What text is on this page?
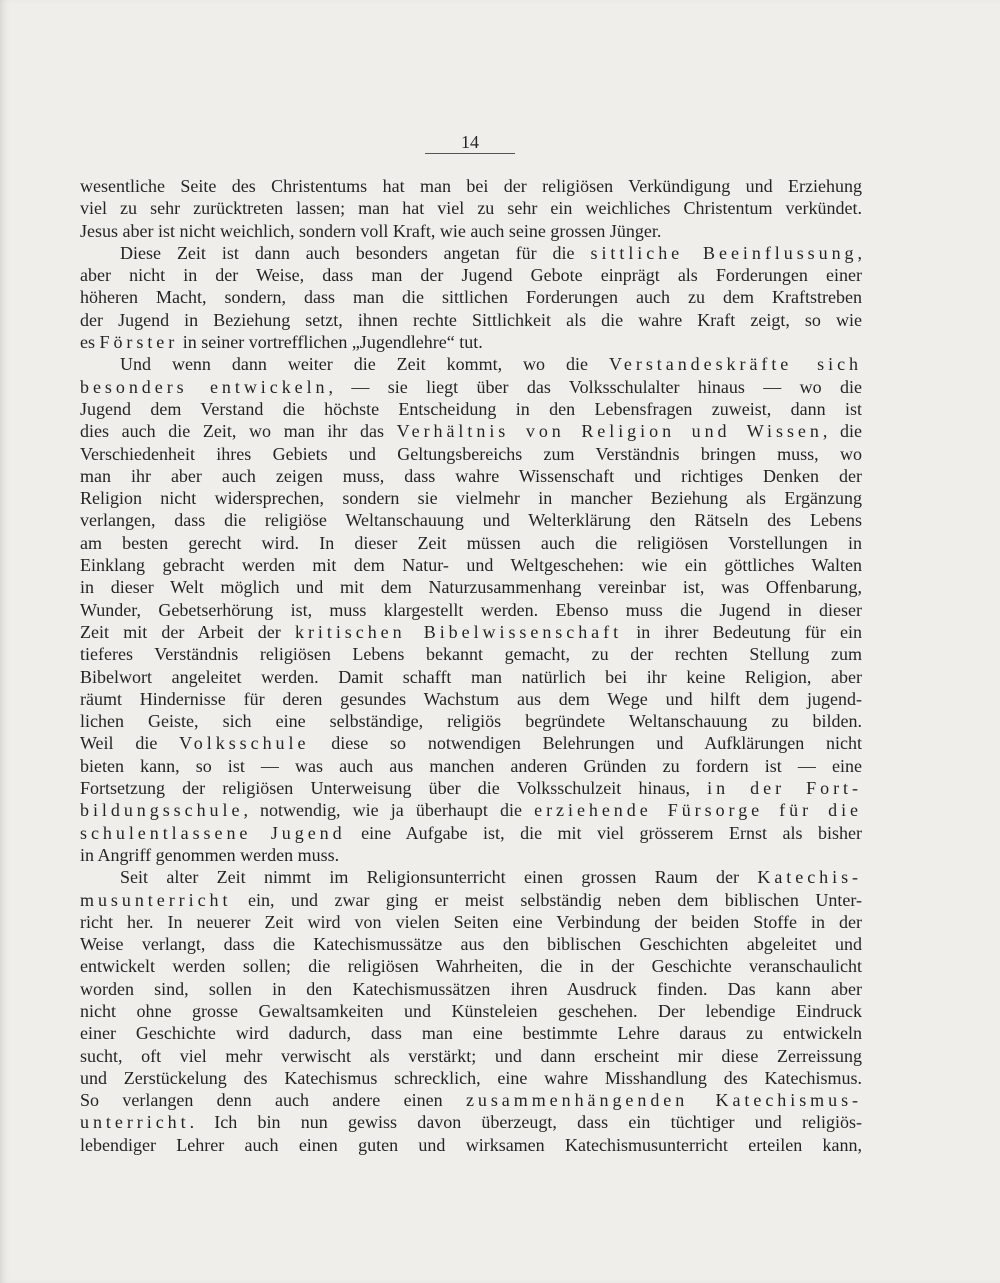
14
wesentliche Seite des Christentums hat man bei der religiösen Verkündigung und Erziehung
viel zu sehr zurücktreten lassen; man hat viel zu sehr ein weichliches Christentum verkündet.
Jesus aber ist nicht weichlich, sondern voll Kraft, wie auch seine grossen Jünger.
Diese Zeit ist dann auch besonders angetan für die sittliche Beeinflussung,
aber nicht in der Weise, dass man der Jugend Gebote einprägt als Forderungen einer
höheren Macht, sondern, dass man die sittlichen Forderungen auch zu dem Kraftstreben
der Jugend in Beziehung setzt, ihnen rechte Sittlichkeit als die wahre Kraft zeigt, so wie
es Förster in seiner vortrefflichen „Jugendlehre“ tut.
Und wenn dann weiter die Zeit kommt, wo die Verstandeskräfte sich
besonders entwickeln, — sie liegt über das Volksschulalter hinaus — wo die
Jugend dem Verstand die höchste Entscheidung in den Lebensfragen zuweist, dann ist
dies auch die Zeit, wo man ihr das Verhältnis von Religion und Wissen, die
Verschiedenheit ihres Gebiets und Geltungsbereichs zum Verständnis bringen muss, wo
man ihr aber auch zeigen muss, dass wahre Wissenschaft und richtiges Denken der
Religion nicht widersprechen, sondern sie vielmehr in mancher Beziehung als Ergänzung
verlangen, dass die religiöse Weltanschauung und Welterklärung den Rätseln des Lebens
am besten gerecht wird. In dieser Zeit müssen auch die religiösen Vorstellungen in
Einklang gebracht werden mit dem Natur- und Weltgeschehen: wie ein göttliches Walten
in dieser Welt möglich und mit dem Naturzusammenhang vereinbar ist, was Offenbarung,
Wunder, Gebetserhörung ist, muss klargestellt werden. Ebenso muss die Jugend in dieser
Zeit mit der Arbeit der kritischen Bibelwissenschaft in ihrer Bedeutung für ein
tieferes Verständnis religiösen Lebens bekannt gemacht, zu der rechten Stellung zum
Bibelwort angeleitet werden. Damit schafft man natürlich bei ihr keine Religion, aber
räumt Hindernisse für deren gesundes Wachstum aus dem Wege und hilft dem jugend-
lichen Geiste, sich eine selbständige, religiös begründete Weltanschauung zu bilden.
Weil die Volksschule diese so notwendigen Belehrungen und Aufklärungen nicht
bieten kann, so ist — was auch aus manchen anderen Gründen zu fordern ist — eine
Fortsetzung der religiösen Unterweisung über die Volksschulzeit hinaus, in der Fort-
bildungsschule, notwendig, wie ja überhaupt die erziehende Fürsorge für die
schulentlassene Jugend eine Aufgabe ist, die mit viel grösserem Ernst als bisher
in Angriff genommen werden muss.
Seit alter Zeit nimmt im Religionsunterricht einen grossen Raum der Katechis-
musunterricht ein, und zwar ging er meist selbständig neben dem biblischen Unter-
richt her. In neuerer Zeit wird von vielen Seiten eine Verbindung der beiden Stoffe in der
Weise verlangt, dass die Katechismussätze aus den biblischen Geschichten abgeleitet und
entwickelt werden sollen; die religiösen Wahrheiten, die in der Geschichte veranschaulicht
worden sind, sollen in den Katechismussätzen ihren Ausdruck finden. Das kann aber
nicht ohne grosse Gewaltsamkeiten und Künsteleien geschehen. Der lebendige Eindruck
einer Geschichte wird dadurch, dass man eine bestimmte Lehre daraus zu entwickeln
sucht, oft viel mehr verwischt als verstärkt; und dann erscheint mir diese Zerreissung
und Zerstückelung des Katechismus schrecklich, eine wahre Misshandlung des Katechismus.
So verlangen denn auch andere einen zusammenhängenden Katechismus-
unterricht. Ich bin nun gewiss davon überzeugt, dass ein tüchtiger und religiös-
lebendiger Lehrer auch einen guten und wirksamen Katechismusunterricht erteilen kann,
